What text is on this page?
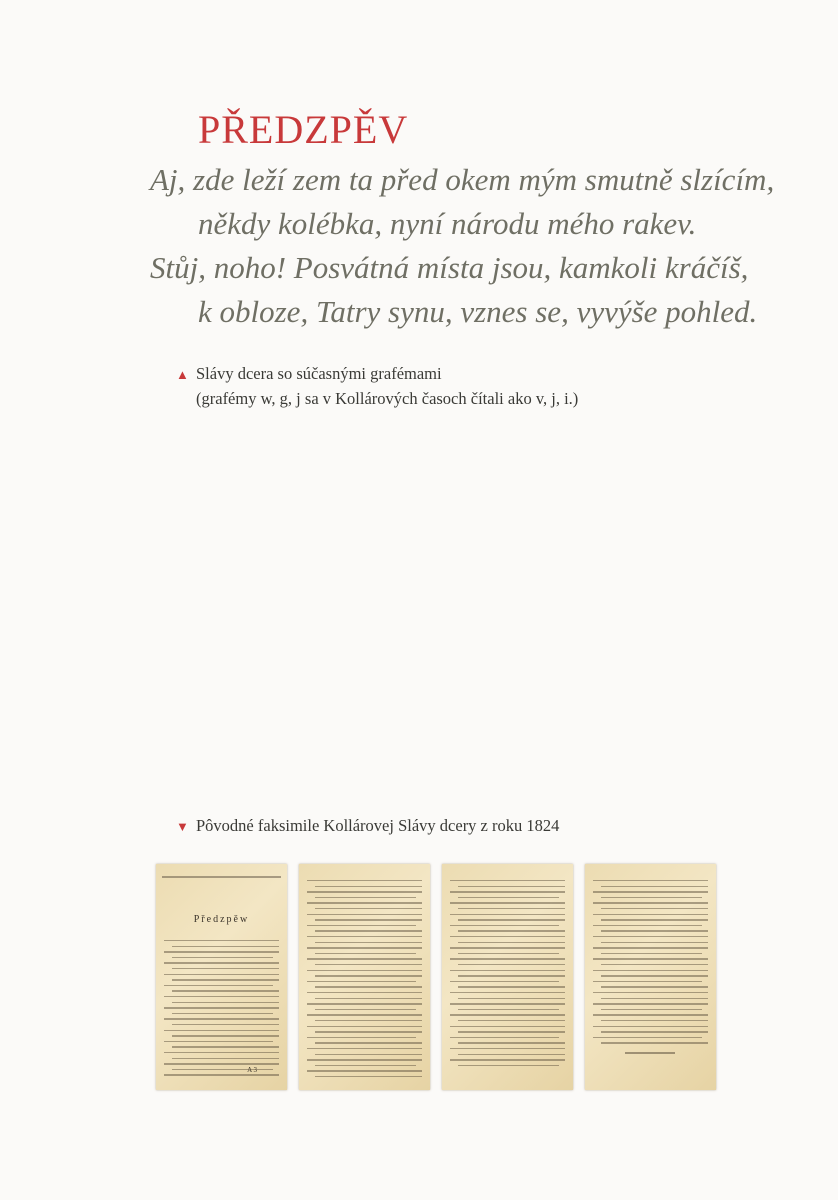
PŘEDZPĚV
Aj, zde leží zem ta před okem mým smutně slzícím,
někdy kolébka, nyní národu mého rakev.
Stůj, noho! Posvátná místa jsou, kamkoli kráčíš,
k obloze, Tatry synu, vznes se, vyvýše pohled.
▲ Slávy dcera so súčasnými grafémami
(grafémy w, g, j sa v Kollárových časoch čítali ako v, j, i.)
▼ Pôvodné faksimile Kollárovej Slávy dcery z roku 1824
Předzpěw
